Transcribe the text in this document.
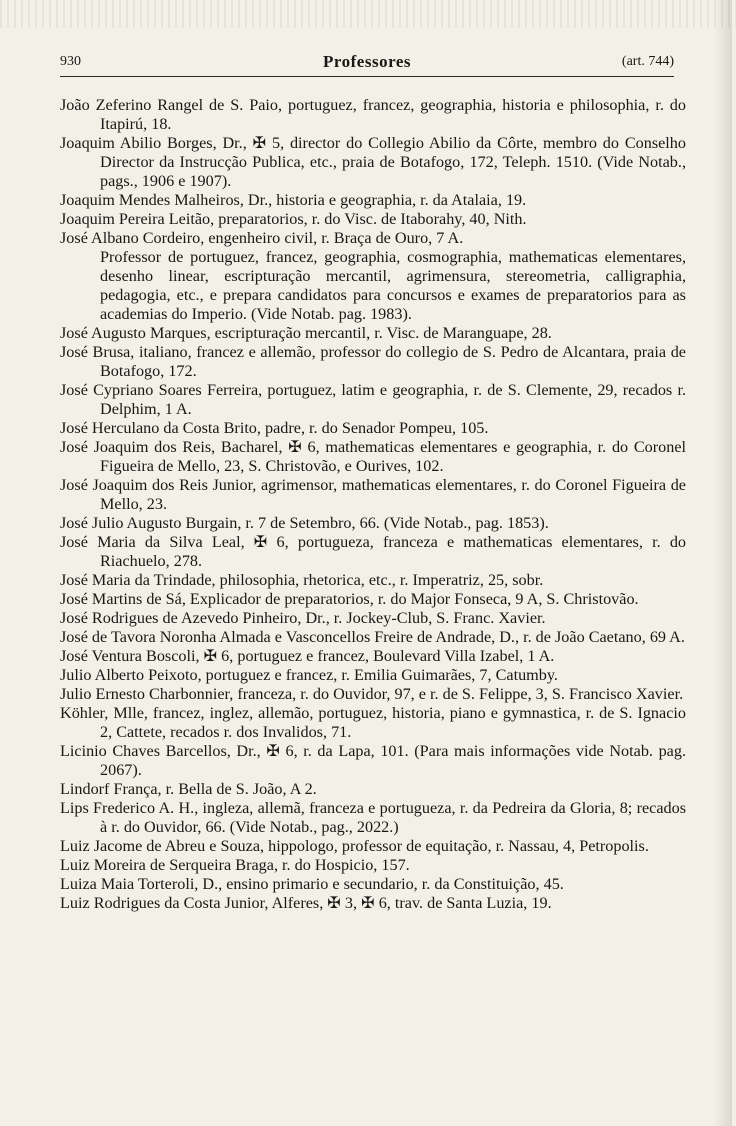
930	Professores	(art. 744)

João Zeferino Rangel de S. Paio, portuguez, francez, geographia, historia e philosophia, r. do Itapirú, 18.

Joaquim Abilio Borges, Dr., ✠ 5, director do Collegio Abilio da Côrte, membro do Conselho Director da Instrucção Publica, etc., praia de Botafogo, 172, Teleph. 1510. (Vide Notab., pags., 1906 e 1907).

Joaquim Mendes Malheiros, Dr., historia e geographia, r. da Atalaia, 19.

Joaquim Pereira Leitão, preparatorios, r. do Visc. de Itaborahy, 40, Nith.

José Albano Cordeiro, engenheiro civil, r. Braça de Ouro, 7 A.

Professor de portuguez, francez, geographia, cosmographia, mathematicas elementares, desenho linear, escripturação mercantil, agrimensura, stereometria, calligraphia, pedagogia, etc., e prepara candidatos para concursos e exames de preparatorios para as academias do Imperio. (Vide Notab. pag. 1983).

José Augusto Marques, escripturação mercantil, r. Visc. de Maranguape, 28.

José Brusa, italiano, francez e allemão, professor do collegio de S. Pedro de Alcantara, praia de Botafogo, 172.

José Cypriano Soares Ferreira, portuguez, latim e geographia, r. de S. Clemente, 29, recados r. Delphim, 1 A.

José Herculano da Costa Brito, padre, r. do Senador Pompeu, 105.

José Joaquim dos Reis, Bacharel, ✠ 6, mathematicas elementares e geographia, r. do Coronel Figueira de Mello, 23, S. Christovão, e Ourives, 102.

José Joaquim dos Reis Junior, agrimensor, mathematicas elementares, r. do Coronel Figueira de Mello, 23.

José Julio Augusto Burgain, r. 7 de Setembro, 66. (Vide Notab., pag. 1853).

José Maria da Silva Leal, ✠ 6, portugueza, franceza e mathematicas elementares, r. do Riachuelo, 278.

José Maria da Trindade, philosophia, rhetorica, etc., r. Imperatriz, 25, sobr.

José Martins de Sá, Explicador de preparatorios, r. do Major Fonseca, 9 A, S. Christovão.

José Rodrigues de Azevedo Pinheiro, Dr., r. Jockey-Club, S. Franc. Xavier.

José de Tavora Noronha Almada e Vasconcellos Freire de Andrade, D., r. de João Caetano, 69 A.

José Ventura Boscoli, ✠ 6, portuguez e francez, Boulevard Villa Izabel, 1 A.

Julio Alberto Peixoto, portuguez e francez, r. Emilia Guimarães, 7, Catumby.

Julio Ernesto Charbonnier, franceza, r. do Ouvidor, 97, e r. de S. Felippe, 3, S. Francisco Xavier.

Köhler, Mlle, francez, inglez, allemão, portuguez, historia, piano e gymnastica, r. de S. Ignacio 2, Cattete, recados r. dos Invalidos, 71.

Licinio Chaves Barcellos, Dr., ✠ 6, r. da Lapa, 101. (Para mais informações vide Notab. pag. 2067).

Lindorf França, r. Bella de S. João, A 2.

Lips Frederico A. H., ingleza, allemã, franceza e portugueza, r. da Pedreira da Gloria, 8; recados à r. do Ouvidor, 66. (Vide Notab., pag., 2022.)

Luiz Jacome de Abreu e Souza, hippologo, professor de equitação, r. Nassau, 4, Petropolis.

Luiz Moreira de Serqueira Braga, r. do Hospicio, 157.

Luiza Maia Torteroli, D., ensino primario e secundario, r. da Constituição, 45.

Luiz Rodrigues da Costa Junior, Alferes, ✠ 3, ✠ 6, trav. de Santa Luzia, 19.
